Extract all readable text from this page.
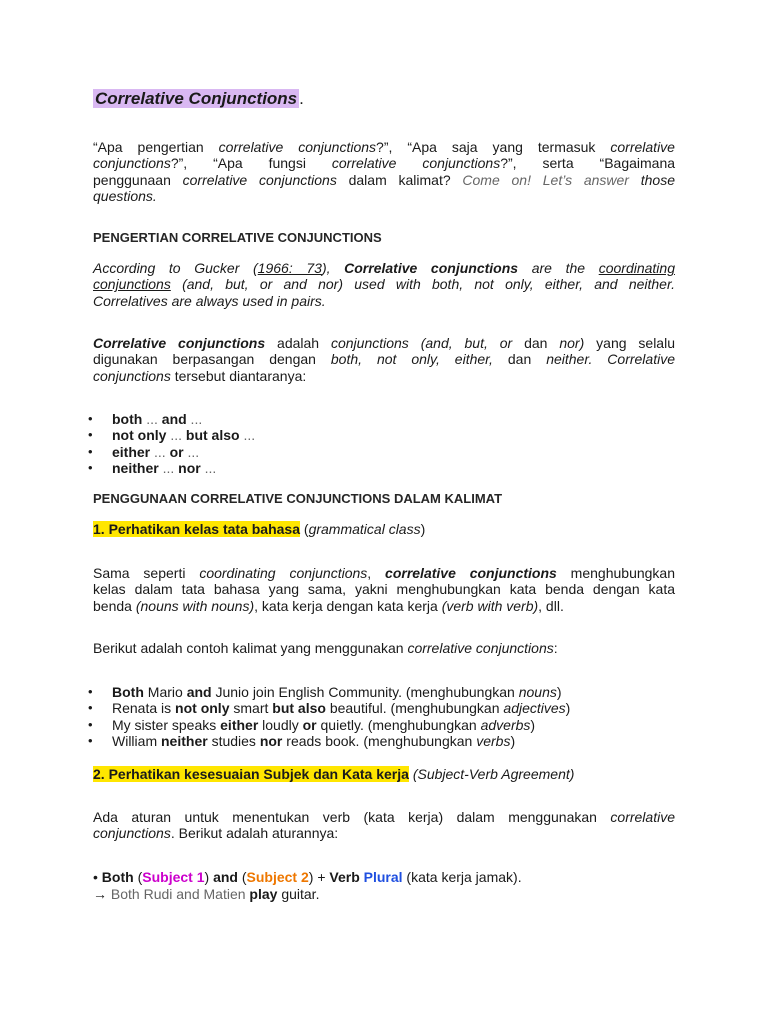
Correlative Conjunctions .
“Apa pengertian correlative conjunctions?”, “Apa saja yang termasuk correlative
conjunctions?”, “Apa fungsi correlative conjunctions?”, serta “Bagaimana
penggunaan correlative conjunctions dalam kalimat? Come on! Let’s answer those
questions.
PENGERTIAN CORRELATIVE CONJUNCTIONS
According to Gucker (1966: 73), Correlative conjunctions are the coordinating
conjunctions (and, but, or and nor) used with both, not only, either, and neither.
Correlatives are always used in pairs.
Correlative conjunctions adalah conjunctions (and, but, or dan nor) yang selalu
digunakan berpasangan dengan both, not only, either, dan neither. Correlative
conjunctions tersebut diantaranya:
• both ... and ...
• not only ... but also ...
• either ... or ...
• neither ... nor ...
PENGGUNAAN CORRELATIVE CONJUNCTIONS DALAM KALIMAT
1. Perhatikan kelas tata bahasa (grammatical class)
Sama seperti coordinating conjunctions, correlative conjunctions menghubungkan
kelas dalam tata bahasa yang sama, yakni menghubungkan kata benda dengan kata
benda (nouns with nouns), kata kerja dengan kata kerja (verb with verb), dll.
Berikut adalah contoh kalimat yang menggunakan correlative conjunctions:
• Both Mario and Junio join English Community. (menghubungkan nouns)
• Renata is not only smart but also beautiful. (menghubungkan adjectives)
• My sister speaks either loudly or quietly. (menghubungkan adverbs)
• William neither studies nor reads book. (menghubungkan verbs)
2. Perhatikan kesesuaian Subjek dan Kata kerja (Subject-Verb Agreement)
Ada aturan untuk menentukan verb (kata kerja) dalam menggunakan correlative
conjunctions. Berikut adalah aturannya:
• Both (Subject 1) and (Subject 2) + Verb Plural (kata kerja jamak).
→ Both Rudi and Matien play guitar.
